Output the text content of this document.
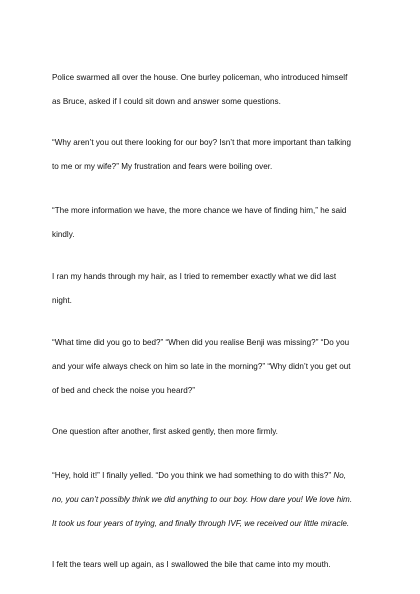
Police swarmed all over the house. One burley policeman, who introduced himself

as Bruce, asked if I could sit down and answer some questions.

“Why aren’t you out there looking for our boy? Isn’t that more important than talking

to me or my wife?” My frustration and fears were boiling over.

“The more information we have, the more chance we have of finding him,” he said

kindly.

I ran my hands through my hair, as I tried to remember exactly what we did last

night.

“What time did you go to bed?” “When did you realise Benji was missing?” “Do you

and your wife always check on him so late in the morning?” “Why didn’t you get out

of bed and check the noise you heard?”

One question after another, first asked gently, then more firmly.

“Hey, hold it!” I finally yelled. “Do you think we had something to do with this?” No,

no, you can’t possibly think we did anything to our boy. How dare you! We love him.

It took us four years of trying, and finally through IVF, we received our little miracle.

I felt the tears well up again, as I swallowed the bile that came into my mouth.
